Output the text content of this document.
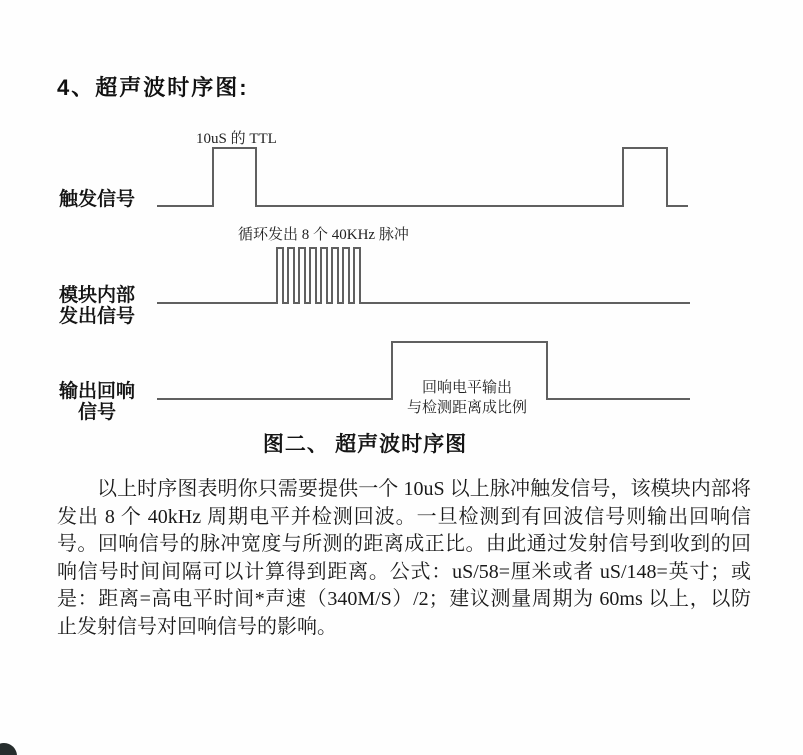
4、超声波时序图:
10uS 的 TTL
触发信号
循环发出 8 个 40KHz 脉冲
模块内部
发出信号
回响电平输出
与检测距离成比例
输出回响
信号
图二、 超声波时序图
以上时序图表明你只需要提供一个 10uS 以上脉冲触发信号，该模块内部将发出 8 个 40kHz 周期电平并检测回波。一旦检测到有回波信号则输出回响信号。回响信号的脉冲宽度与所测的距离成正比。由此通过发射信号到收到的回响信号时间间隔可以计算得到距离。公式：uS/58=厘米或者 uS/148=英寸；或是：距离=高电平时间*声速（340M/S）/2；建议测量周期为 60ms 以上，以防止发射信号对回响信号的影响。
